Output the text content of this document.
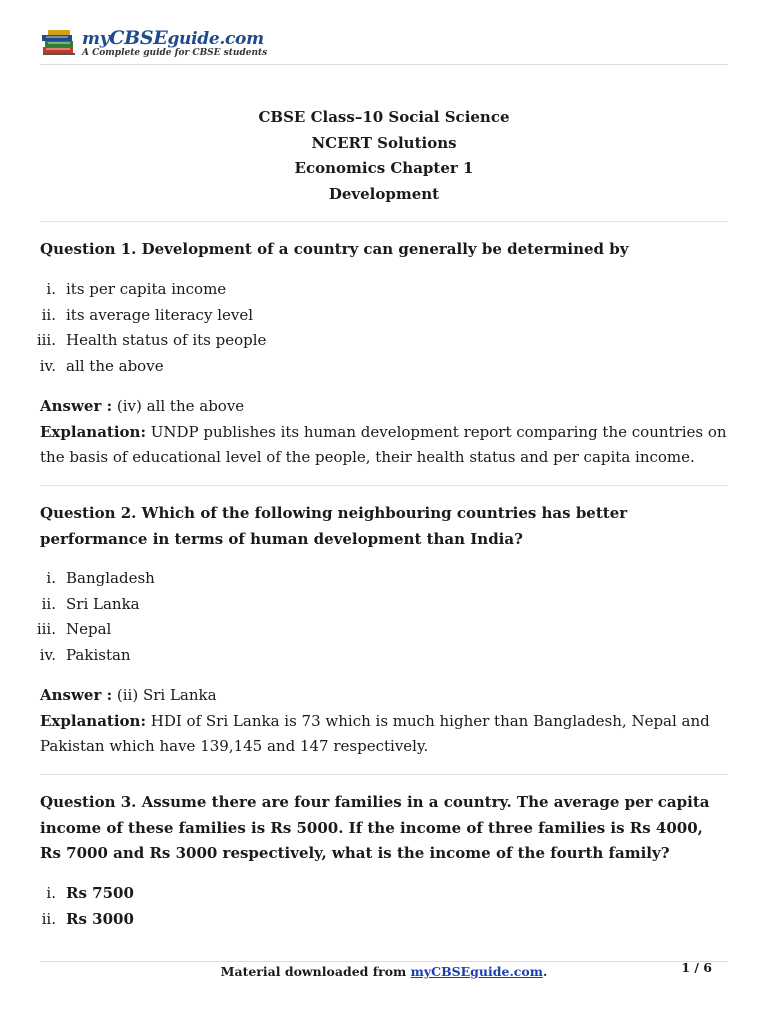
myCBSEguide.com
A Complete guide for CBSE students
CBSE Class–10 Social Science
NCERT Solutions
Economics Chapter 1
Development
Question 1. Development of a country can generally be determined by
i. its per capita income
ii. its average literacy level
iii. Health status of its people
iv. all the above
Answer : (iv) all the above
Explanation: UNDP publishes its human development report comparing the countries on the basis of educational level of the people, their health status and per capita income.
Question 2. Which of the following neighbouring countries has better performance in terms of human development than India?
i. Bangladesh
ii. Sri Lanka
iii. Nepal
iv. Pakistan
Answer : (ii) Sri Lanka
Explanation: HDI of Sri Lanka is 73 which is much higher than Bangladesh, Nepal and Pakistan which have 139,145 and 147 respectively.
Question 3. Assume there are four families in a country. The average per capita income of these families is Rs 5000. If the income of three families is Rs 4000, Rs 7000 and Rs 3000 respectively, what is the income of the fourth family?
i. Rs 7500
ii. Rs 3000
Material downloaded from myCBSEguide.com.	1 / 6
